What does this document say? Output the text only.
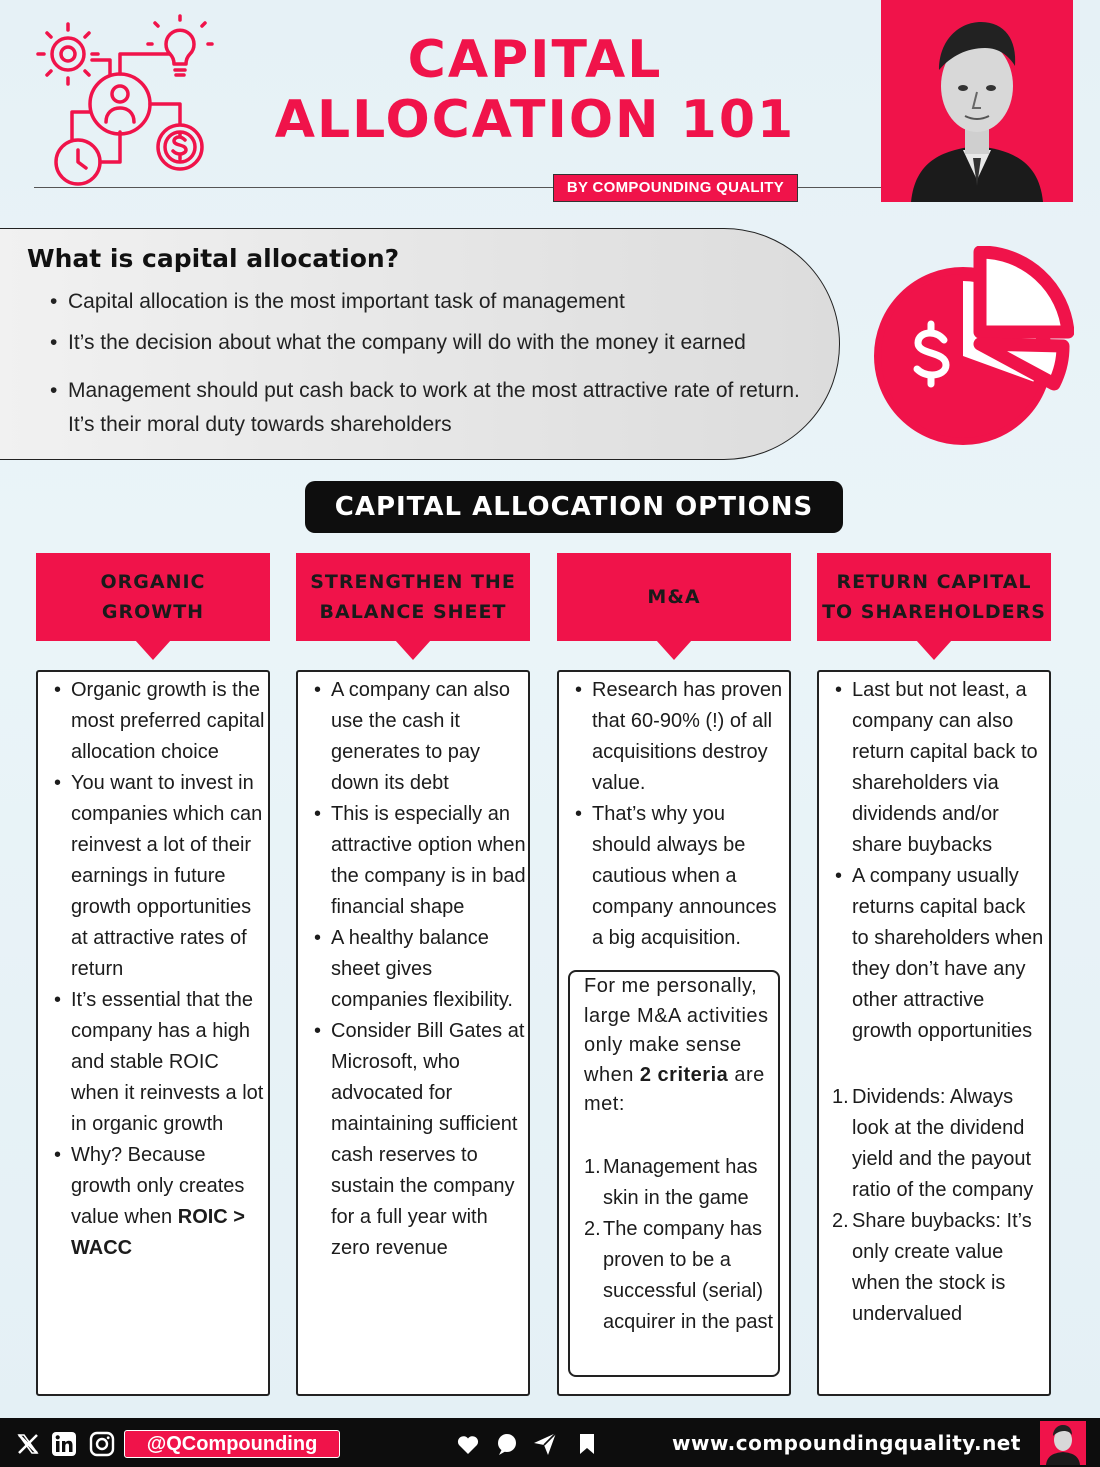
CAPITAL
ALLOCATION 101
BY COMPOUNDING QUALITY
What is capital allocation?
• Capital allocation is the most important task of management
• It’s the decision about what the company will do with the money it earned
• Management should put cash back to work at the most attractive rate of return. It’s their moral duty towards shareholders
CAPITAL ALLOCATION OPTIONS
ORGANIC
GROWTH
• Organic growth is the most preferred capital allocation choice
• You want to invest in companies which can reinvest a lot of their earnings in future growth opportunities at attractive rates of return
• It’s essential that the company has a high and stable ROIC when it reinvests a lot in organic growth
• Why? Because growth only creates value when ROIC > WACC
STRENGTHEN THE
BALANCE SHEET
• A company can also use the cash it generates to pay down its debt
• This is especially an attractive option when the company is in bad financial shape
• A healthy balance sheet gives companies flexibility.
• Consider Bill Gates at Microsoft, who advocated for maintaining sufficient cash reserves to sustain the company for a full year with zero revenue
M&A
• Research has proven that 60-90% (!) of all acquisitions destroy value.
• That’s why you should always be cautious when a company announces a big acquisition.
For me personally, large M&A activities only make sense when 2 criteria are met:
1. Management has skin in the game
2. The company has proven to be a successful (serial) acquirer in the past
RETURN CAPITAL
TO SHAREHOLDERS
• Last but not least, a company can also return capital back to shareholders via dividends and/or share buybacks
• A company usually returns capital back to shareholders when they don’t have any other attractive growth opportunities
1. Dividends: Always look at the dividend yield and the payout ratio of the company
2. Share buybacks: It’s only create value when the stock is undervalued
@QCompounding	www.compoundingquality.net
